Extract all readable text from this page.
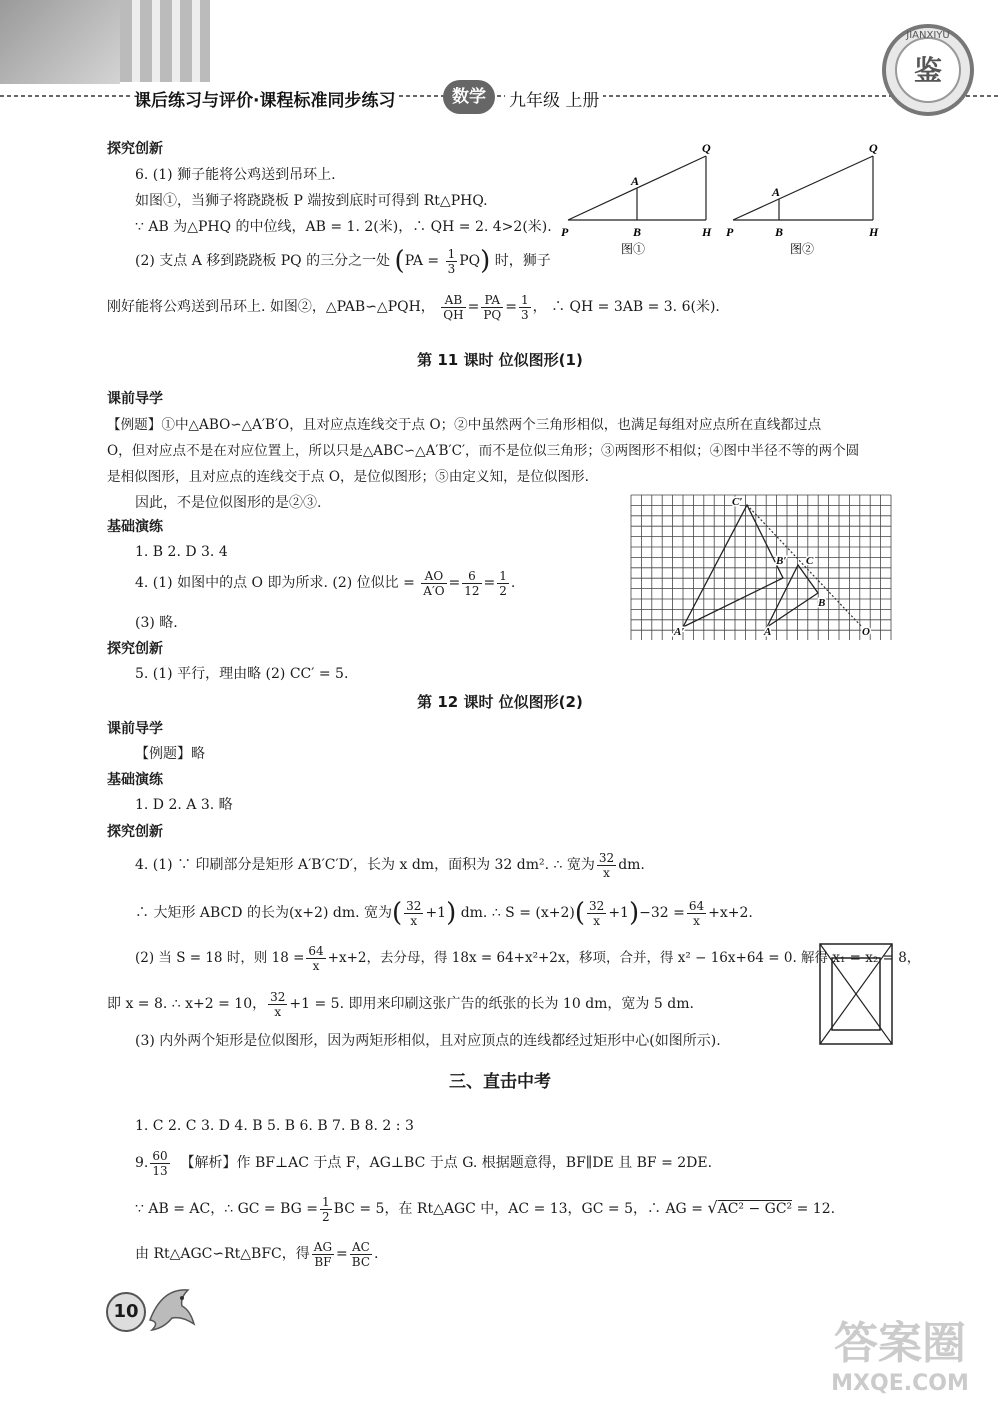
课后练习与评价·课程标准同步练习	数学	九年级 上册
鉴
JIANXIYU
探究创新
6. (1) 狮子能将公鸡送到吊环上.
如图①，当狮子将跷跷板 P 端按到底时可得到 Rt△PHQ.
∵ AB 为△PHQ 的中位线，AB = 1. 2(米)，∴ QH = 2. 4>2(米).
(2) 支点 A 移到跷跷板 PQ 的三分之一处 $(PA = \frac{1}{3} PQ)$ 时，狮子
刚好能将公鸡送到吊环上. 如图②，△PAB∽△PQH， $\frac{AB}{QH} = \frac{PA}{PQ} = \frac{1}{3}$ ， ∴ QH = 3AB = 3. 6(米).
P	B	H
A
Q
图①
P	B	H
A
Q
图②
第 11 课时 位似图形(1)
课前导学
【例题】①中△ABO∽△A′B′O，且对应点连线交于点 O；②中虽然两个三角形相似，也满足每组对应点所在直线都过点
O，但对应点不是在对应位置上，所以只是△ABC∽△A′B′C′，而不是位似三角形；③两图形不相似；④图中半径不等的两个圆
是相似图形，且对应点的连线交于点 O，是位似图形；⑤由定义知，是位似图形.
因此，不是位似图形的是②③.
基础演练
1. B 2. D 3. 4
4. (1) 如图中的点 O 即为所求. (2) 位似比 = $\frac{AO}{A'O} = \frac{6}{12} = \frac{1}{2}$ .
(3) 略.
探究创新
5. (1) 平行，理由略 (2) CC′ = 5.
C′
B′ C
B
A′	A	O
第 12 课时 位似图形(2)
课前导学
【例题】略
基础演练
1. D 2. A 3. 略
探究创新
4. (1) ∵ 印刷部分是矩形 A′B′C′D′，长为 x dm，面积为 32 dm². ∴ 宽为 $\frac{32}{x}$ dm.
∴ 大矩形 ABCD 的长为(x+2) dm. 宽为( $\frac{32}{x} +1$) dm. ∴ $S = (x+2)( \frac{32}{x} +1)-32 = \frac{64}{x} +x+2$.
(2) 当 S = 18 时，则 $18 = \frac{64}{x} +x+2$，去分母，得 18x = 64+x²+2x，移项，合并，得 x² − 16x+64 = 0. 解得 x₁ = x₂ = 8，
即 x = 8. ∴ x+2 = 10， $\frac{32}{x} +1 = 5$. 即用来印刷这张广告的纸张的长为 10 dm，宽为 5 dm.
(3) 内外两个矩形是位似图形，因为两矩形相似，且对应顶点的连线都经过矩形中心(如图所示).
三、直击中考
1. C 2. C 3. D 4. B 5. B 6. B 7. B 8. 2 : 3
9. $\frac{60}{13}$ 【解析】作 BF⊥AC 于点 F，AG⊥BC 于点 G. 根据题意得，BF∥DE 且 BF = 2DE.
∵ AB = AC，∴ GC = BG = $\frac{1}{2}$ BC = 5，在 Rt△AGC 中，AC = 13，GC = 5，∴ AG = √AC² − GC² = 12.
由 Rt△AGC∽Rt△BFC，得 $\frac{AG}{BF} = \frac{AC}{BC}$ .
10
答案圈
MXQE.COM
